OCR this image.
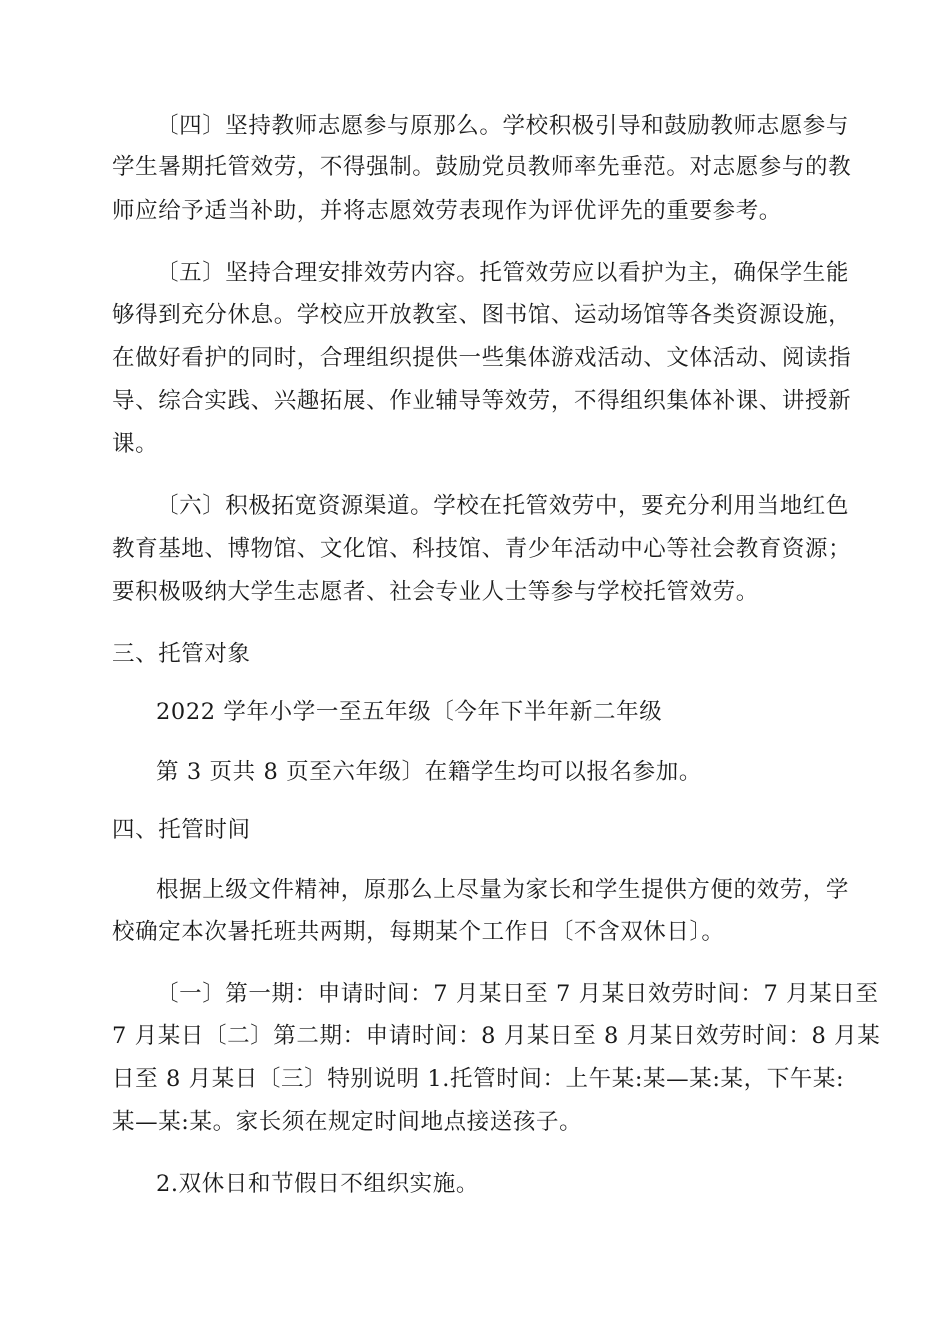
〔四〕坚持教师志愿参与原那么。学校积极引导和鼓励教师志愿参与
学生暑期托管效劳，不得强制。鼓励党员教师率先垂范。对志愿参与的教
师应给予适当补助，并将志愿效劳表现作为评优评先的重要参考。
〔五〕坚持合理安排效劳内容。托管效劳应以看护为主，确保学生能
够得到充分休息。学校应开放教室、图书馆、运动场馆等各类资源设施，
在做好看护的同时，合理组织提供一些集体游戏活动、文体活动、阅读指
导、综合实践、兴趣拓展、作业辅导等效劳，不得组织集体补课、讲授新
课。
〔六〕积极拓宽资源渠道。学校在托管效劳中，要充分利用当地红色
教育基地、博物馆、文化馆、科技馆、青少年活动中心等社会教育资源；
要积极吸纳大学生志愿者、社会专业人士等参与学校托管效劳。
三、托管对象
2022 学年小学一至五年级〔今年下半年新二年级
第 3 页共 8 页至六年级〕在籍学生均可以报名参加。
四、托管时间
根据上级文件精神，原那么上尽量为家长和学生提供方便的效劳，学
校确定本次暑托班共两期，每期某个工作日〔不含双休日〕。
〔一〕第一期：申请时间：7 月某日至 7 月某日效劳时间：7 月某日至
7 月某日〔二〕第二期：申请时间：8 月某日至 8 月某日效劳时间：8 月某
日至 8 月某日〔三〕特别说明 1.托管时间：上午某:某—某:某，下午某:
某—某:某。家长须在规定时间地点接送孩子。
2.双休日和节假日不组织实施。
